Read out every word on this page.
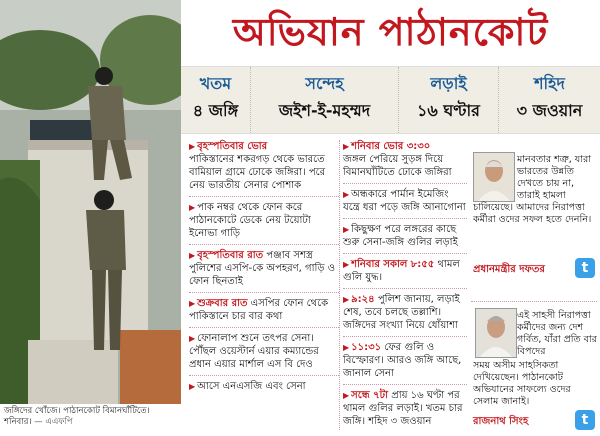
জঙ্গিদের খোঁজে। পাঠানকোট বিমানঘাঁটিতে। শনিবার। — এএফপি
অভিযান পাঠানকোট
খতম
৪ জঙ্গি
সন্দেহ
জইশ-ই-মহম্মদ
লড়াই
১৬ ঘণ্টার
শহিদ
৩ জওয়ান
▶ বৃহস্পতিবার ভোর
পাকিস্তানের শকরগড় থেকে ভারতে বামিয়াল গ্রামে ঢোকে জঙ্গিরা। পরে নেয় ভারতীয় সেনার পোশাক
▶ পাক নম্বর থেকে ফোন করে পাঠানকোটে ডেকে নেয় টয়োটা ইনোভা গাড়ি
▶ বৃহস্পতিবার রাত পঞ্জাব সশস্ত্র পুলিশের এসপি-কে অপহরণ, গাড়ি ও ফোন ছিনতাই
▶ শুক্রবার রাত এসপির ফোন থেকে পাকিস্তানে চার বার কথা
▶ ফোনালাপ শুনে তৎপর সেনা। পৌঁছল ওয়েস্টার্ন এয়ার কম্যান্ডের প্রধান এয়ার মার্শাল এস বি দেও
▶ আসে এনএসজি এবং সেনা
▶ শনিবার ভোর ৩:৩০
জঙ্গল পেরিয়ে সুড়ঙ্গ দিয়ে বিমানঘাঁটিতে ঢোকে জঙ্গিরা
▶ অন্ধকারে পার্মান ইমেজিং যন্ত্রে ধরা পড়ে জঙ্গি আনাগোনা
▶ কিছুক্ষণ পরে লঙ্গরের কাছে শুরু সেনা-জঙ্গি গুলির লড়াই
▶ শনিবার সকাল ৮:৫৫ থামল গুলি যুদ্ধ।
▶ ৯:২৪ পুলিশ জানায়, লড়াই শেষ, তবে চলছে তল্লাশি। জঙ্গিদের সংখ্যা নিয়ে ধোঁয়াশা
▶ ১১:৩১ ফের গুলি ও বিস্ফোরণ। আরও জঙ্গি আছে, জানাল সেনা
▶ সন্ধে ৭টা প্রায় ১৬ ঘণ্টা পর থামল গুলির লড়াই। খতম চার জঙ্গি। শহিদ ৩ জওয়ান
মানবতার শত্রু, যারা ভারতের উন্নতি দেখতে চায় না, তারাই হামলা
চালিয়েছে। আমাদের নিরাপত্তা কর্মীরা ওদের সফল হতে দেননি।
প্রধানমন্ত্রীর দফতর	t
এই সাহসী নিরাপত্তা কর্মীদের জন্য দেশ গর্বিত, যাঁরা প্রতি বার বিপদের
সময় অসীম সাহসিকতা দেখিয়েছেন। পাঠানকোট অভিযানের সাফল্যে ওদের সেলাম জানাই।
রাজনাথ সিংহ	t
